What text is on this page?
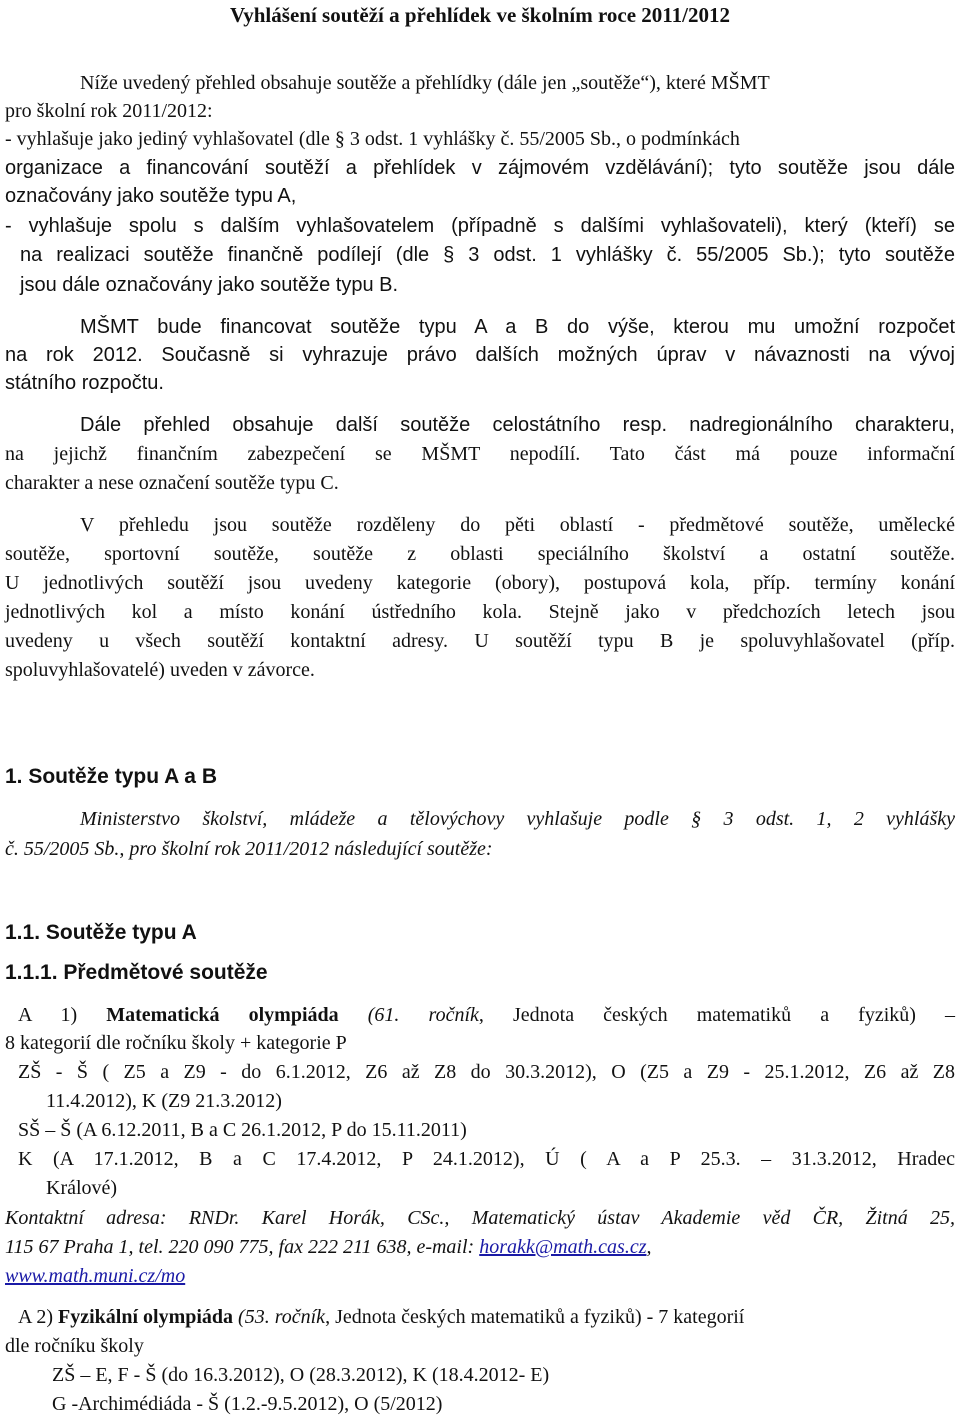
Vyhlášení soutěží a přehlídek ve školním roce 2011/2012
Níže uvedený přehled obsahuje soutěže a přehlídky (dále jen „soutěže“), které MŠMT
pro školní rok 2011/2012:
- vyhlašuje jako jediný vyhlašovatel (dle § 3 odst. 1 vyhlášky č. 55/2005 Sb., o podmínkách
organizace a financování soutěží a přehlídek v zájmovém vzdělávání); tyto soutěže jsou dále
označovány jako soutěže typu A,
- vyhlašuje spolu s dalším vyhlašovatelem (případně s dalšími vyhlašovateli), který (kteří) se
na realizaci soutěže finančně podílejí (dle § 3 odst. 1 vyhlášky č. 55/2005 Sb.); tyto soutěže
jsou dále označovány jako soutěže typu B.
MŠMT bude financovat soutěže typu A a B do výše, kterou mu umožní rozpočet
na rok 2012. Současně si vyhrazuje právo dalších možných úprav v návaznosti na vývoj
státního rozpočtu.
Dále přehled obsahuje další soutěže celostátního resp. nadregionálního charakteru,
na jejichž finančním zabezpečení se MŠMT nepodílí. Tato část má pouze informační
charakter a nese označení soutěže typu C.
V přehledu jsou soutěže rozděleny do pěti oblastí - předmětové soutěže, umělecké
soutěže, sportovní soutěže, soutěže z oblasti speciálního školství a ostatní soutěže.
U jednotlivých soutěží jsou uvedeny kategorie (obory), postupová kola, příp. termíny konání
jednotlivých kol a místo konání ústředního kola. Stejně jako v předchozích letech jsou
uvedeny u všech soutěží kontaktní adresy. U soutěží typu B je spoluvyhlašovatel (příp.
spoluvyhlašovatelé) uveden v závorce.
1. Soutěže typu A a B
Ministerstvo školství, mládeže a tělovýchovy vyhlašuje podle § 3 odst. 1, 2 vyhlášky
č. 55/2005 Sb., pro školní rok 2011/2012 následující soutěže:
1.1. Soutěže typu A
1.1.1. Předmětové soutěže
A 1) Matematická olympiáda (61. ročník, Jednota českých matematiků a fyziků) –
8 kategorií dle ročníku školy + kategorie P
ZŠ - Š ( Z5 a Z9 - do 6.1.2012, Z6 až Z8 do 30.3.2012), O (Z5 a Z9 - 25.1.2012, Z6 až Z8
11.4.2012), K (Z9 21.3.2012)
SŠ – Š (A 6.12.2011, B a C 26.1.2012, P do 15.11.2011)
K (A 17.1.2012, B a C 17.4.2012, P 24.1.2012), Ú ( A a P 25.3. – 31.3.2012, Hradec
Králové)
Kontaktní adresa: RNDr. Karel Horák, CSc., Matematický ústav Akademie věd ČR, Žitná 25,
115 67 Praha 1, tel. 220 090 775, fax 222 211 638, e-mail: horakk@math.cas.cz,
www.math.muni.cz/mo
A 2) Fyzikální olympiáda (53. ročník, Jednota českých matematiků a fyziků) - 7 kategorií
dle ročníku školy
ZŠ – E, F - Š (do 16.3.2012), O (28.3.2012), K (18.4.2012- E)
G -Archimédiáda - Š (1.2.-9.5.2012), O (5/2012)
